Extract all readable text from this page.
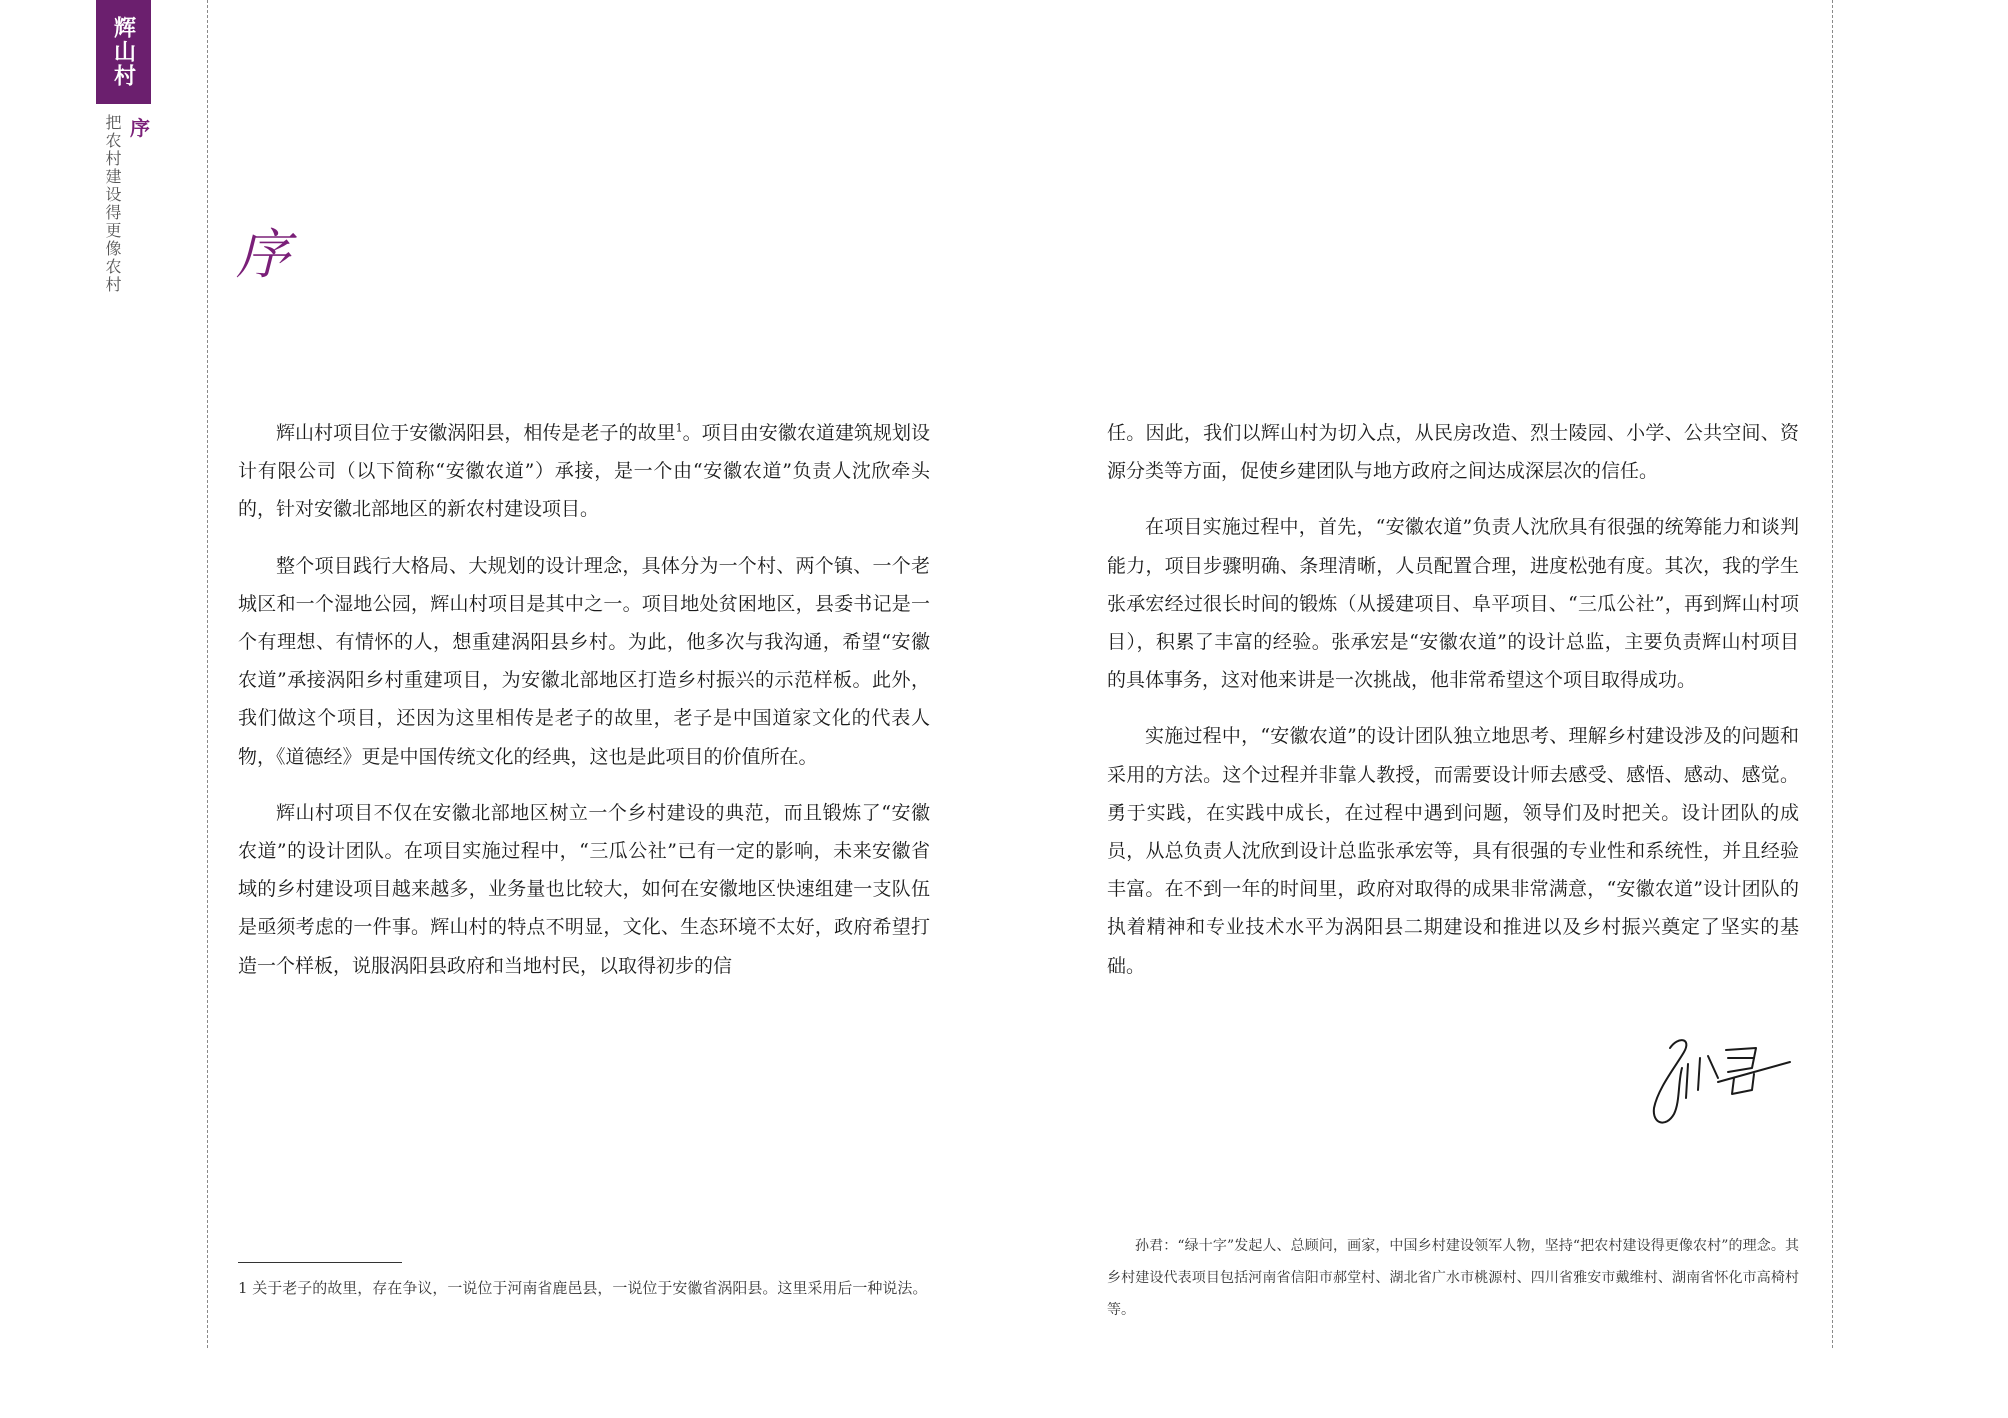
辉山村
序
把农村建设得更像农村 序

辉山村项目位于安徽涡阳县，相传是老子的故里$^1$。项目由安徽农道建筑规划设计有限公司（以下简称“安徽农道”）承接，是一个由“安徽农道”负责人沈欣牵头的，针对安徽北部地区的新农村建设项目。

整个项目践行大格局、大规划的设计理念，具体分为一个村、两个镇、一个老城区和一个湿地公园，辉山村项目是其中之一。项目地处贫困地区，县委书记是一个有理想、有情怀的人，想重建涡阳县乡村。为此，他多次与我沟通，希望“安徽农道”承接涡阳乡村重建项目，为安徽北部地区打造乡村振兴的示范样板。此外，我们做这个项目，还因为这里相传是老子的故里，老子是中国道家文化的代表人物，《道德经》更是中国传统文化的经典，这也是此项目的价值所在。

辉山村项目不仅在安徽北部地区树立一个乡村建设的典范，而且锻炼了“安徽农道”的设计团队。在项目实施过程中，“三瓜公社”已有一定的影响，未来安徽省域的乡村建设项目越来越多，业务量也比较大，如何在安徽地区快速组建一支队伍是亟须考虑的一件事。辉山村的特点不明显，文化、生态环境不太好，政府希望打造一个样板，说服涡阳县政府和当地村民，以取得初步的信

任。因此，我们以辉山村为切入点，从民房改造、烈士陵园、小学、公共空间、资源分类等方面，促使乡建团队与地方政府之间达成深层次的信任。

在项目实施过程中，首先，“安徽农道”负责人沈欣具有很强的统筹能力和谈判能力，项目步骤明确、条理清晰，人员配置合理，进度松弛有度。其次，我的学生张承宏经过很长时间的锻炼（从援建项目、阜平项目、“三瓜公社”，再到辉山村项目），积累了丰富的经验。张承宏是“安徽农道”的设计总监，主要负责辉山村项目的具体事务，这对他来讲是一次挑战，他非常希望这个项目取得成功。

实施过程中，“安徽农道”的设计团队独立地思考、理解乡村建设涉及的问题和采用的方法。这个过程并非靠人教授，而需要设计师去感受、感悟、感动、感觉。勇于实践，在实践中成长，在过程中遇到问题，领导们及时把关。设计团队的成员，从总负责人沈欣到设计总监张承宏等，具有很强的专业性和系统性，并且经验丰富。在不到一年的时间里，政府对取得的成果非常满意，“安徽农道”设计团队的执着精神和专业技术水平为涡阳县二期建设和推进以及乡村振兴奠定了坚实的基础。

孙君：“绿十字”发起人、总顾问，画家，中国乡村建设领军人物，坚持“把农村建设得更像农村”的理念。其乡村建设代表项目包括河南省信阳市郝堂村、湖北省广水市桃源村、四川省雅安市戴维村、湖南省怀化市高椅村等。
1 关于老子的故里，存在争议，一说位于河南省鹿邑县，一说位于安徽省涡阳县。这里采用后一种说法。
